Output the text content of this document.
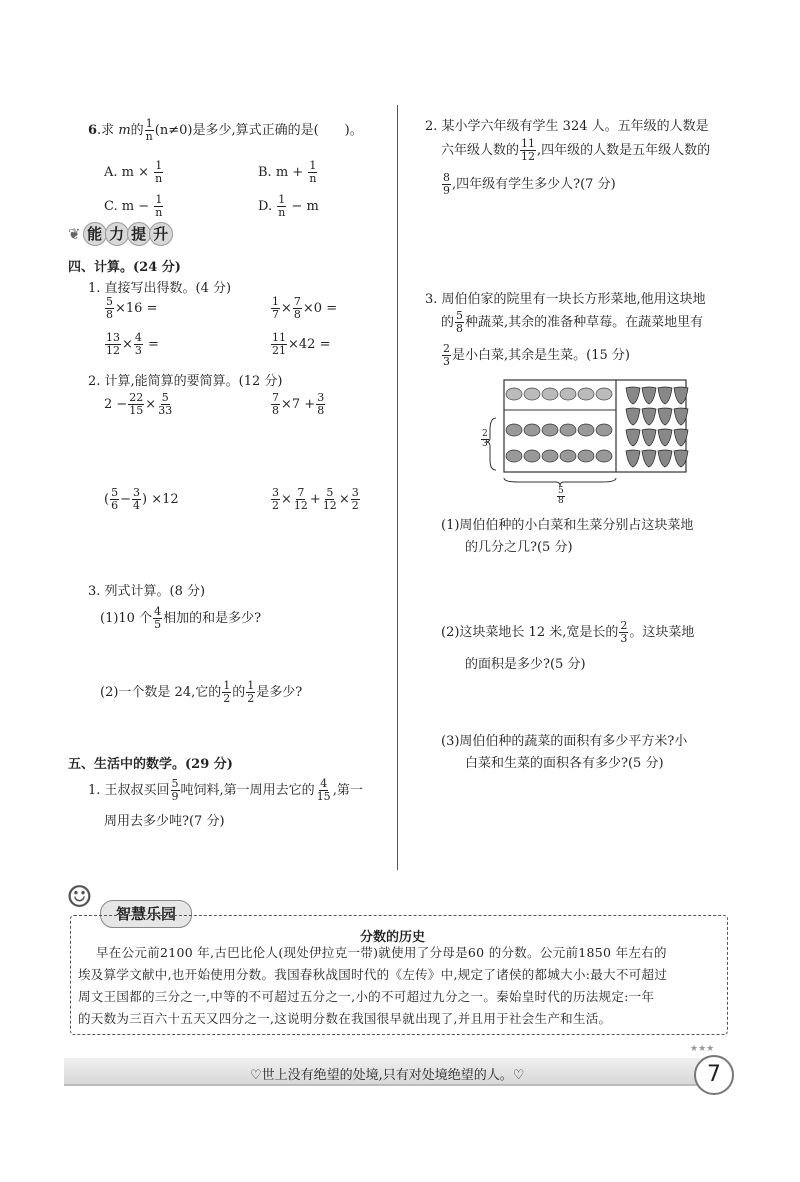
6.求 m的 $\frac{1}{n} (n\ne 0)$是多少,算式正确的是(　　)。
A. $m \times \frac{1}{n}$	B. $m + \frac{1}{n}$
C. $m - \frac{1}{n}$	D. $\frac{1}{n} - m$
❦ 能 力 提 升
四、计算。(24 分)
1. 直接写出得数。(4 分)
$\frac{5}{8} \times 16$ =	$\frac{1}{7} \times \frac{7}{8} \times 0$ =
$\frac{13}{12} \times \frac{4}{3}$ =	$\frac{11}{21} \times 42$ =
2. 计算,能简算的要简算。(12 分)
$2 - \frac{22}{15} \times \frac{5}{33}$	$\frac{7}{8} \times 7 + \frac{3}{8}$
( $\frac{5}{6} - \frac{3}{4}$ ) ×12	$\frac{3}{2} \times \frac{7}{12} + \frac{5}{12} \times \frac{3}{2}$
3. 列式计算。(8 分)
(1)10 个 $\frac{4}{5}$ 相加的和是多少?
(2)一个数是 24,它的 $\frac{1}{2}$ 的 $\frac{1}{2}$ 是多少?
五、生活中的数学。(29 分)
1. 王叔叔买回 $\frac{5}{9}$ 吨饲料,第一周用去它的 $\frac{4}{15}$ ,第一
周用去多少吨?(7 分)
2. 某小学六年级有学生 324 人。五年级的人数是
六年级人数的 $\frac{11}{12}$ ,四年级的人数是五年级人数的
$\frac{8}{9}$ ,四年级有学生多少人?(7 分)
3. 周伯伯家的院里有一块长方形菜地,他用这块地
的 $\frac{5}{8}$ 种蔬菜,其余的准备种草莓。在蔬菜地里有
$\frac{2}{3}$ 是小白菜,其余是生菜。(15 分)
$\frac{2}{3}$
$\frac{5}{8}$
(1)周伯伯种的小白菜和生菜分别占这块菜地
的几分之几?(5 分)
(2)这块菜地长 12 米,宽是长的 $\frac{2}{3}$ 。这块菜地
的面积是多少?(5 分)
(3)周伯伯种的蔬菜的面积有多少平方米?小
白菜和生菜的面积各有多少?(5 分)
☺	智慧乐园
分数的历史
早在公元前2100 年,古巴比伦人(现处伊拉克一带)就使用了分母是60 的分数。公元前1850 年左右的
埃及算学文献中,也开始使用分数。我国春秋战国时代的《左传》中,规定了诸侯的都城大小:最大不可超过
周文王国都的三分之一,中等的不可超过五分之一,小的不可超过九分之一。秦始皇时代的历法规定:一年
的天数为三百六十五天又四分之一,这说明分数在我国很早就出现了,并且用于社会生产和生活。
♡世上没有绝望的处境,只有对处境绝望的人。♡
★★★
7
